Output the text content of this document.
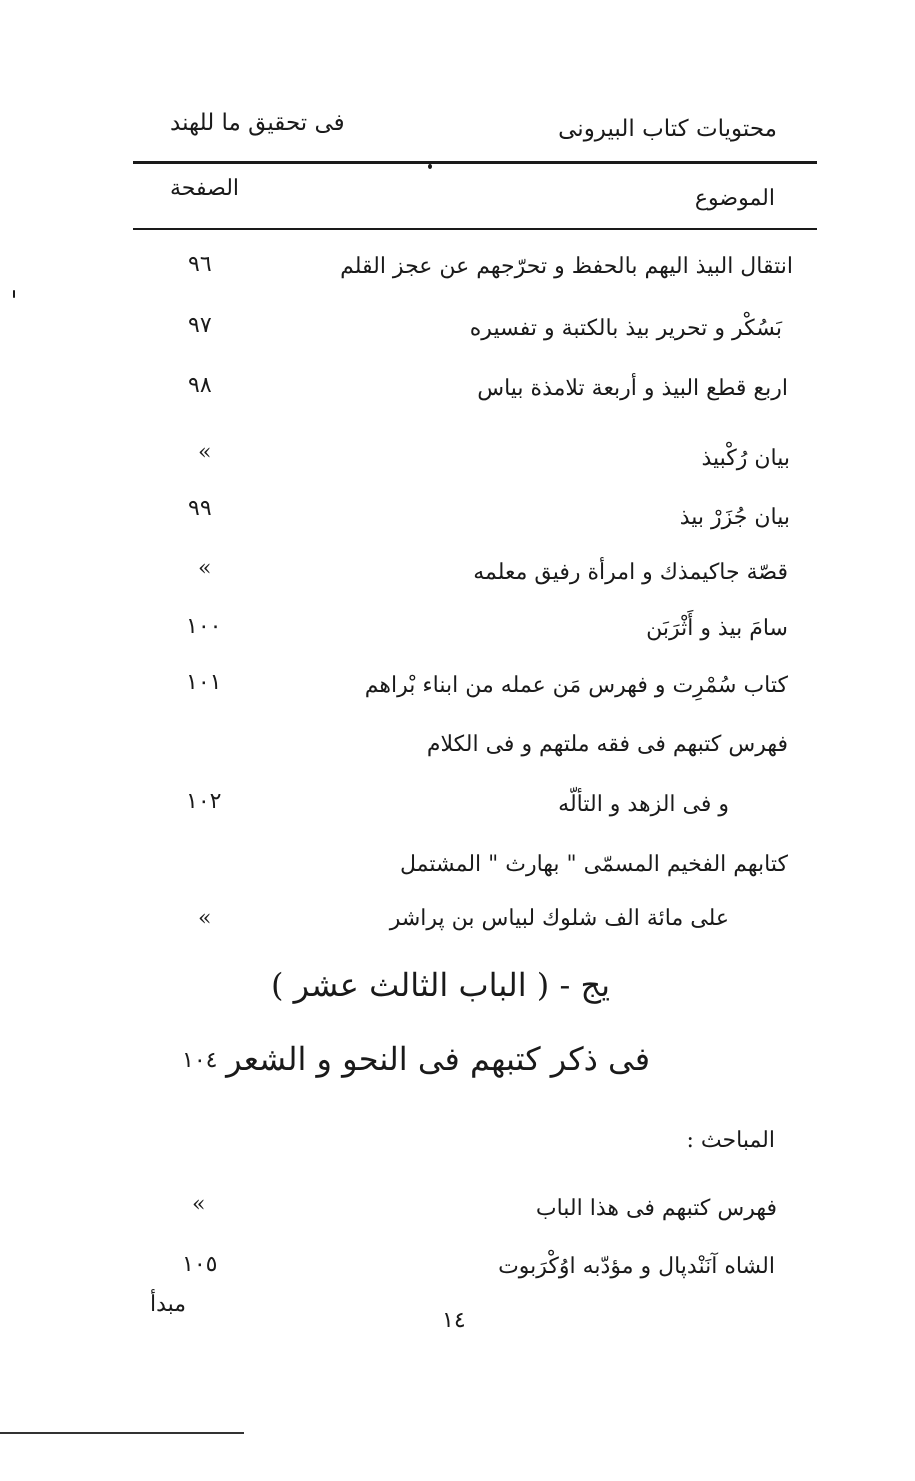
محتويات كتاب البيرونى
فى تحقيق ما للهند
الموضوع
الصفحة
انتقال البيذ اليهم بالحفظ و تحرّجهم عن عجز القلم
٩٦
بَسُكْر و تحرير بيذ بالكتبة و تفسيره
٩٧
اربع قطع البيذ و أربعة تلامذة بياس
٩٨
بيان رُكْبيذ
»
بيان جُزَرْ بيذ
٩٩
قصّة جاكيمذك و امرأة رفيق معلمه
»
سامَ بيذ و أَثْرَبَن
١٠٠
كتاب سُمْرِت و فهرس مَن عمله من ابناء بْراهم
١٠١
فهرس كتبهم فى فقه ملتهم و فى الكلام
و فى الزهد و التألّه
١٠٢
كتابهم الفخيم المسمّى " بهارث " المشتمل
على مائة الف شلوك لبياس بن پراشر
»
يج - ( الباب الثالث عشر )
فى ذكر كتبهم فى النحو و الشعر
١٠٤
المباحث :
فهرس كتبهم فى هذا الباب
»
الشاه آنَنْدپال و مؤدّبه اوُكْرَبوت
١٠٥
١٤
مبدأ
